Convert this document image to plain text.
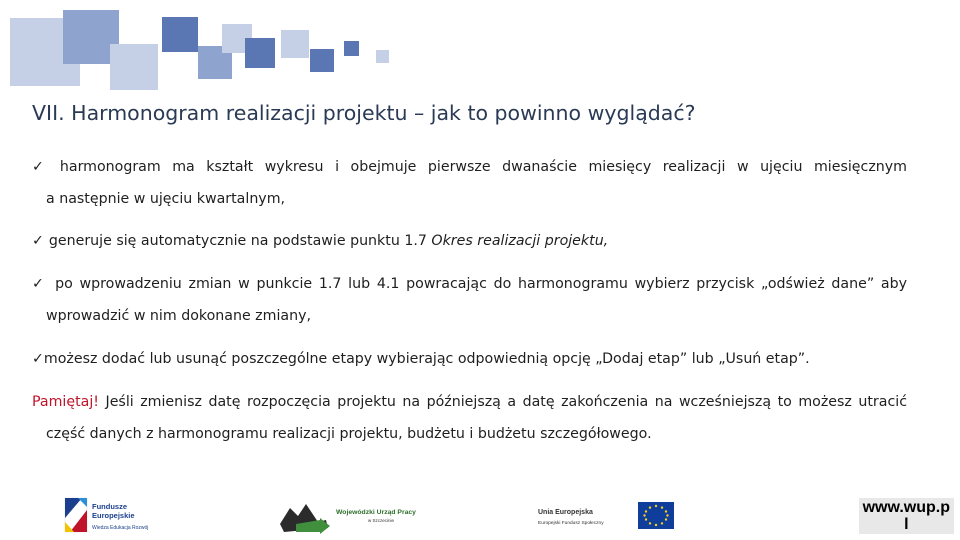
VII. Harmonogram realizacji projektu – jak to powinno wyglądać?
✓ harmonogram ma kształt wykresu i obejmuje pierwsze dwanaście miesięcy realizacji w ujęciu miesięcznym
a następnie w ujęciu kwartalnym,
✓ generuje się automatycznie na podstawie punktu 1.7 Okres realizacji projektu,
✓ po wprowadzeniu zmian w punkcie 1.7 lub 4.1 powracając do harmonogramu wybierz przycisk „odśwież dane” aby
wprowadzić w nim dokonane zmiany,
✓możesz dodać lub usunąć poszczególne etapy wybierając odpowiednią opcję „Dodaj etap” lub „Usuń etap”.
Pamiętaj! Jeśli zmienisz datę rozpoczęcia projektu na późniejszą a datę zakończenia na wcześniejszą to możesz utracić
część danych z harmonogramu realizacji projektu, budżetu i budżetu szczegółowego.
Fundusze
Europejskie
Wiedza Edukacja Rozwój
Wojewódzki Urząd Pracy
w Szczecinie
Unia Europejska
Europejski Fundusz Społeczny
www.wup.p
l
